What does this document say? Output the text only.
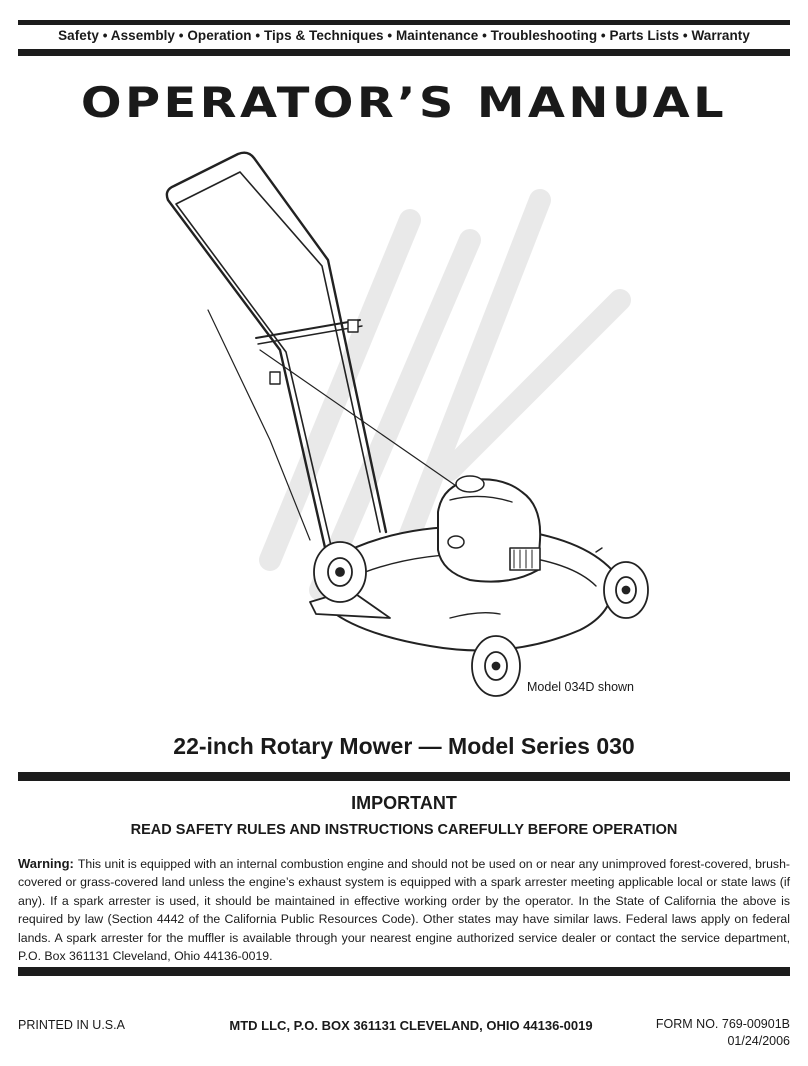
Safety • Assembly • Operation • Tips & Techniques • Maintenance • Troubleshooting • Parts Lists • Warranty
OPERATOR’S MANUAL
Model 034D shown
22-inch Rotary Mower — Model Series 030
IMPORTANT
READ SAFETY RULES AND INSTRUCTIONS CAREFULLY BEFORE OPERATION
Warning: This unit is equipped with an internal combustion engine and should not be used on or near any unimproved forest-covered, brush-covered or grass-covered land unless the engine’s exhaust system is equipped with a spark arrester meeting applicable local or state laws (if any). If a spark arrester is used, it should be maintained in effective working order by the operator. In the State of California the above is required by law (Section 4442 of the California Public Resources Code). Other states may have similar laws. Federal laws apply on federal lands. A spark arrester for the muffler is available through your nearest engine authorized service dealer or contact the service department, P.O. Box 361131 Cleveland, Ohio 44136-0019.
PRINTED IN U.S.A	MTD LLC, P.O. BOX 361131 CLEVELAND, OHIO 44136-0019	FORM NO. 769-00901B
01/24/2006
